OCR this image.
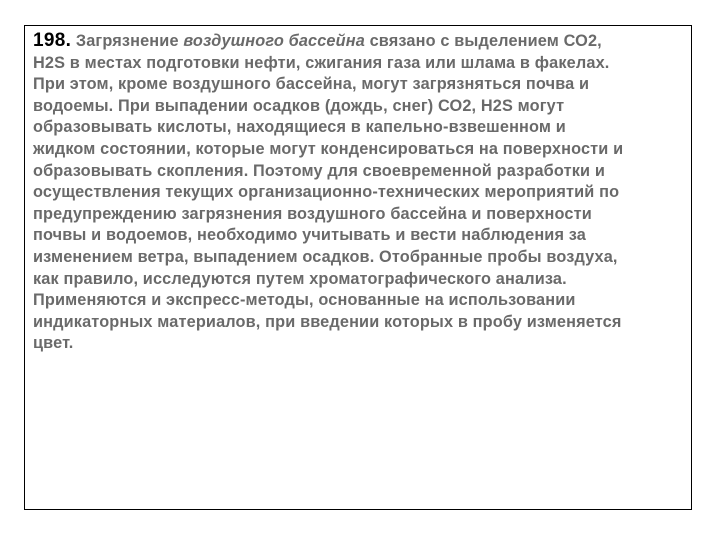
198. Загрязнение воздушного бассейна связано с выделением СО2,
H2S в местах подготовки нефти, сжигания газа или шлама в факелах.
При этом, кроме воздушного бассейна, могут загрязняться почва и
водоемы. При выпадении осадков (дождь, снег) СО2, H2S могут
образовывать кислоты, находящиеся в капельно-взвешенном и
жидком состоянии, которые могут конденсироваться на поверхности и
образовывать скопления. Поэтому для своевременной разработки и
осуществления текущих организационно-технических мероприятий по
предупреждению загрязнения воздушного бассейна и поверхности
почвы и водоемов, необходимо учитывать и вести наблюдения за
изменением ветра, выпадением осадков. Отобранные пробы воздуха,
как правило, исследуются путем хроматографического анализа.
Применяются и экспресс-методы, основанные на использовании
индикаторных материалов, при введении которых в пробу изменяется
цвет.
